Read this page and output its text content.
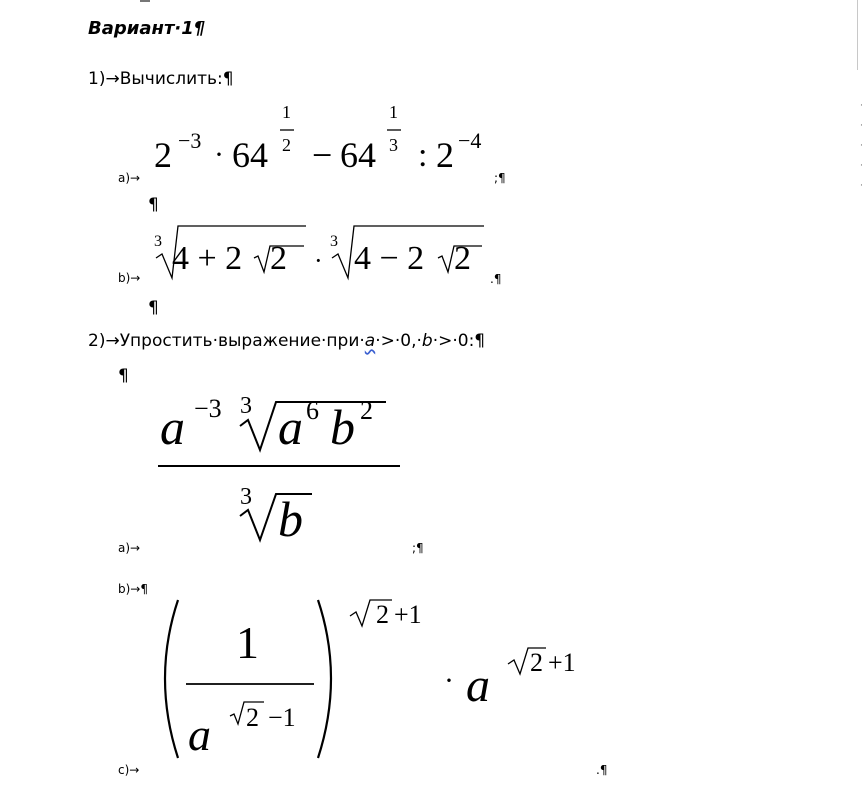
·
·
·
·
·
Вариант·1¶
1)→Вычислить:¶
a)→
2 −3 · 64
1
2 − 64
1
3 : 2 −4
;¶
¶
b)→
3 4 + 2 2 ·
3 4 − 2 2
.¶
¶
2)→Упростить·выражение·при·a·>·0,·b·>·0:¶
¶
a)→
a −3 3 a 6 b 2
3 b
;¶
b)→¶
c)→
1
a 2 −1
2 +1
· a 2 +1
.¶
